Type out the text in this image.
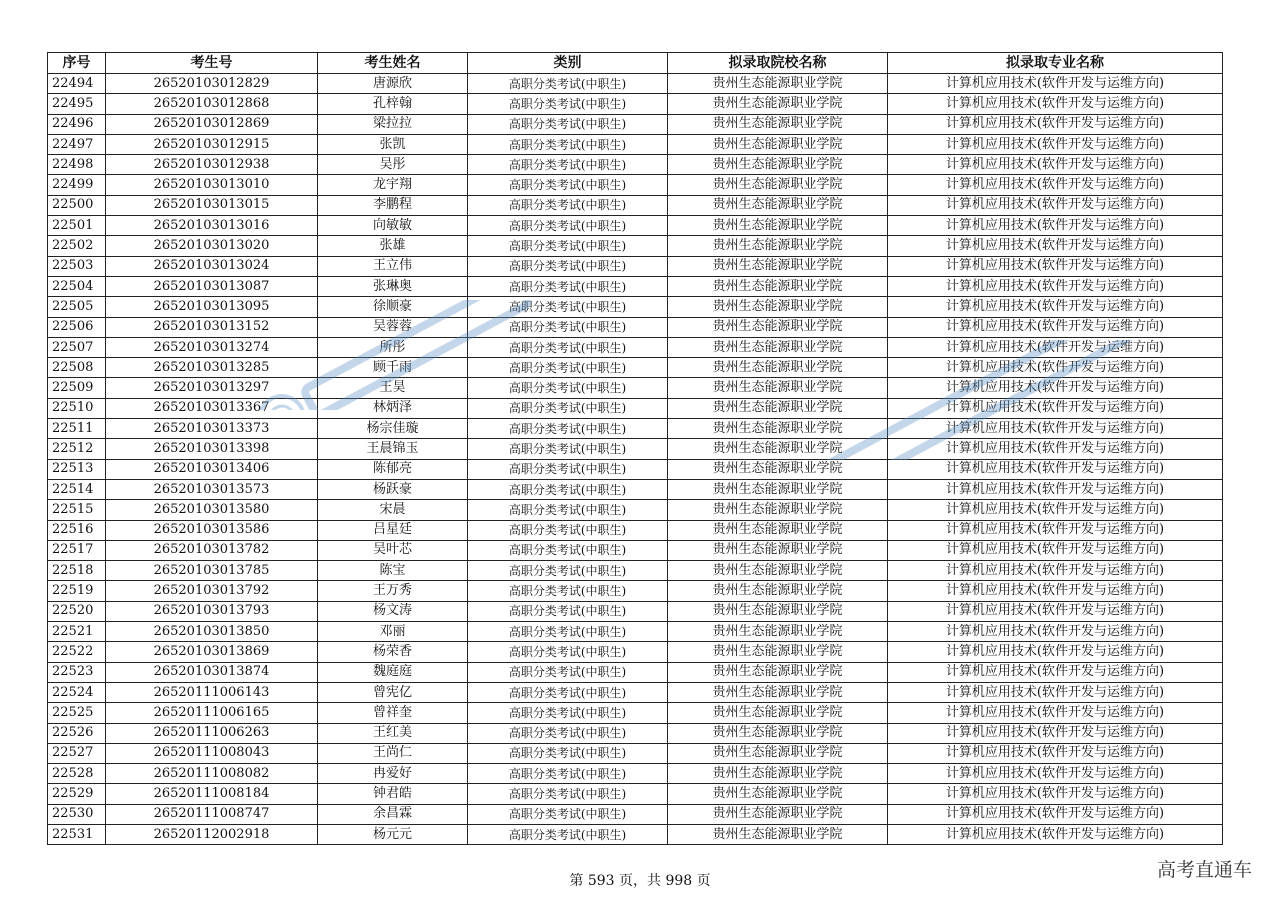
序号	考生号	考生姓名	类别	拟录取院校名称	拟录取专业名称
22494	26520103012829	唐源欣	高职分类考试(中职生)	贵州生态能源职业学院	计算机应用技术(软件开发与运维方向)
22495	26520103012868	孔梓翰	高职分类考试(中职生)	贵州生态能源职业学院	计算机应用技术(软件开发与运维方向)
22496	26520103012869	梁拉拉	高职分类考试(中职生)	贵州生态能源职业学院	计算机应用技术(软件开发与运维方向)
22497	26520103012915	张凯	高职分类考试(中职生)	贵州生态能源职业学院	计算机应用技术(软件开发与运维方向)
22498	26520103012938	吴彤	高职分类考试(中职生)	贵州生态能源职业学院	计算机应用技术(软件开发与运维方向)
22499	26520103013010	龙宇翔	高职分类考试(中职生)	贵州生态能源职业学院	计算机应用技术(软件开发与运维方向)
22500	26520103013015	李鹏程	高职分类考试(中职生)	贵州生态能源职业学院	计算机应用技术(软件开发与运维方向)
22501	26520103013016	向敏敏	高职分类考试(中职生)	贵州生态能源职业学院	计算机应用技术(软件开发与运维方向)
22502	26520103013020	张雄	高职分类考试(中职生)	贵州生态能源职业学院	计算机应用技术(软件开发与运维方向)
22503	26520103013024	王立伟	高职分类考试(中职生)	贵州生态能源职业学院	计算机应用技术(软件开发与运维方向)
22504	26520103013087	张琳奥	高职分类考试(中职生)	贵州生态能源职业学院	计算机应用技术(软件开发与运维方向)
22505	26520103013095	徐顺豪	高职分类考试(中职生)	贵州生态能源职业学院	计算机应用技术(软件开发与运维方向)
22506	26520103013152	吴蓉蓉	高职分类考试(中职生)	贵州生态能源职业学院	计算机应用技术(软件开发与运维方向)
22507	26520103013274	所彤	高职分类考试(中职生)	贵州生态能源职业学院	计算机应用技术(软件开发与运维方向)
22508	26520103013285	顾千雨	高职分类考试(中职生)	贵州生态能源职业学院	计算机应用技术(软件开发与运维方向)
22509	26520103013297	王昊	高职分类考试(中职生)	贵州生态能源职业学院	计算机应用技术(软件开发与运维方向)
22510	26520103013367	林炳泽	高职分类考试(中职生)	贵州生态能源职业学院	计算机应用技术(软件开发与运维方向)
22511	26520103013373	杨宗佳璇	高职分类考试(中职生)	贵州生态能源职业学院	计算机应用技术(软件开发与运维方向)
22512	26520103013398	王晨锦玉	高职分类考试(中职生)	贵州生态能源职业学院	计算机应用技术(软件开发与运维方向)
22513	26520103013406	陈郁亮	高职分类考试(中职生)	贵州生态能源职业学院	计算机应用技术(软件开发与运维方向)
22514	26520103013573	杨跃豪	高职分类考试(中职生)	贵州生态能源职业学院	计算机应用技术(软件开发与运维方向)
22515	26520103013580	宋晨	高职分类考试(中职生)	贵州生态能源职业学院	计算机应用技术(软件开发与运维方向)
22516	26520103013586	吕星廷	高职分类考试(中职生)	贵州生态能源职业学院	计算机应用技术(软件开发与运维方向)
22517	26520103013782	吴叶芯	高职分类考试(中职生)	贵州生态能源职业学院	计算机应用技术(软件开发与运维方向)
22518	26520103013785	陈宝	高职分类考试(中职生)	贵州生态能源职业学院	计算机应用技术(软件开发与运维方向)
22519	26520103013792	王万秀	高职分类考试(中职生)	贵州生态能源职业学院	计算机应用技术(软件开发与运维方向)
22520	26520103013793	杨文涛	高职分类考试(中职生)	贵州生态能源职业学院	计算机应用技术(软件开发与运维方向)
22521	26520103013850	邓丽	高职分类考试(中职生)	贵州生态能源职业学院	计算机应用技术(软件开发与运维方向)
22522	26520103013869	杨荣香	高职分类考试(中职生)	贵州生态能源职业学院	计算机应用技术(软件开发与运维方向)
22523	26520103013874	魏庭庭	高职分类考试(中职生)	贵州生态能源职业学院	计算机应用技术(软件开发与运维方向)
22524	26520111006143	曾宪亿	高职分类考试(中职生)	贵州生态能源职业学院	计算机应用技术(软件开发与运维方向)
22525	26520111006165	曾祥奎	高职分类考试(中职生)	贵州生态能源职业学院	计算机应用技术(软件开发与运维方向)
22526	26520111006263	王红美	高职分类考试(中职生)	贵州生态能源职业学院	计算机应用技术(软件开发与运维方向)
22527	26520111008043	王尚仁	高职分类考试(中职生)	贵州生态能源职业学院	计算机应用技术(软件开发与运维方向)
22528	26520111008082	冉爱好	高职分类考试(中职生)	贵州生态能源职业学院	计算机应用技术(软件开发与运维方向)
22529	26520111008184	钟君皓	高职分类考试(中职生)	贵州生态能源职业学院	计算机应用技术(软件开发与运维方向)
22530	26520111008747	余昌霖	高职分类考试(中职生)	贵州生态能源职业学院	计算机应用技术(软件开发与运维方向)
22531	26520112002918	杨元元	高职分类考试(中职生)	贵州生态能源职业学院	计算机应用技术(软件开发与运维方向)
第 593 页，共 998 页	高考直通车
